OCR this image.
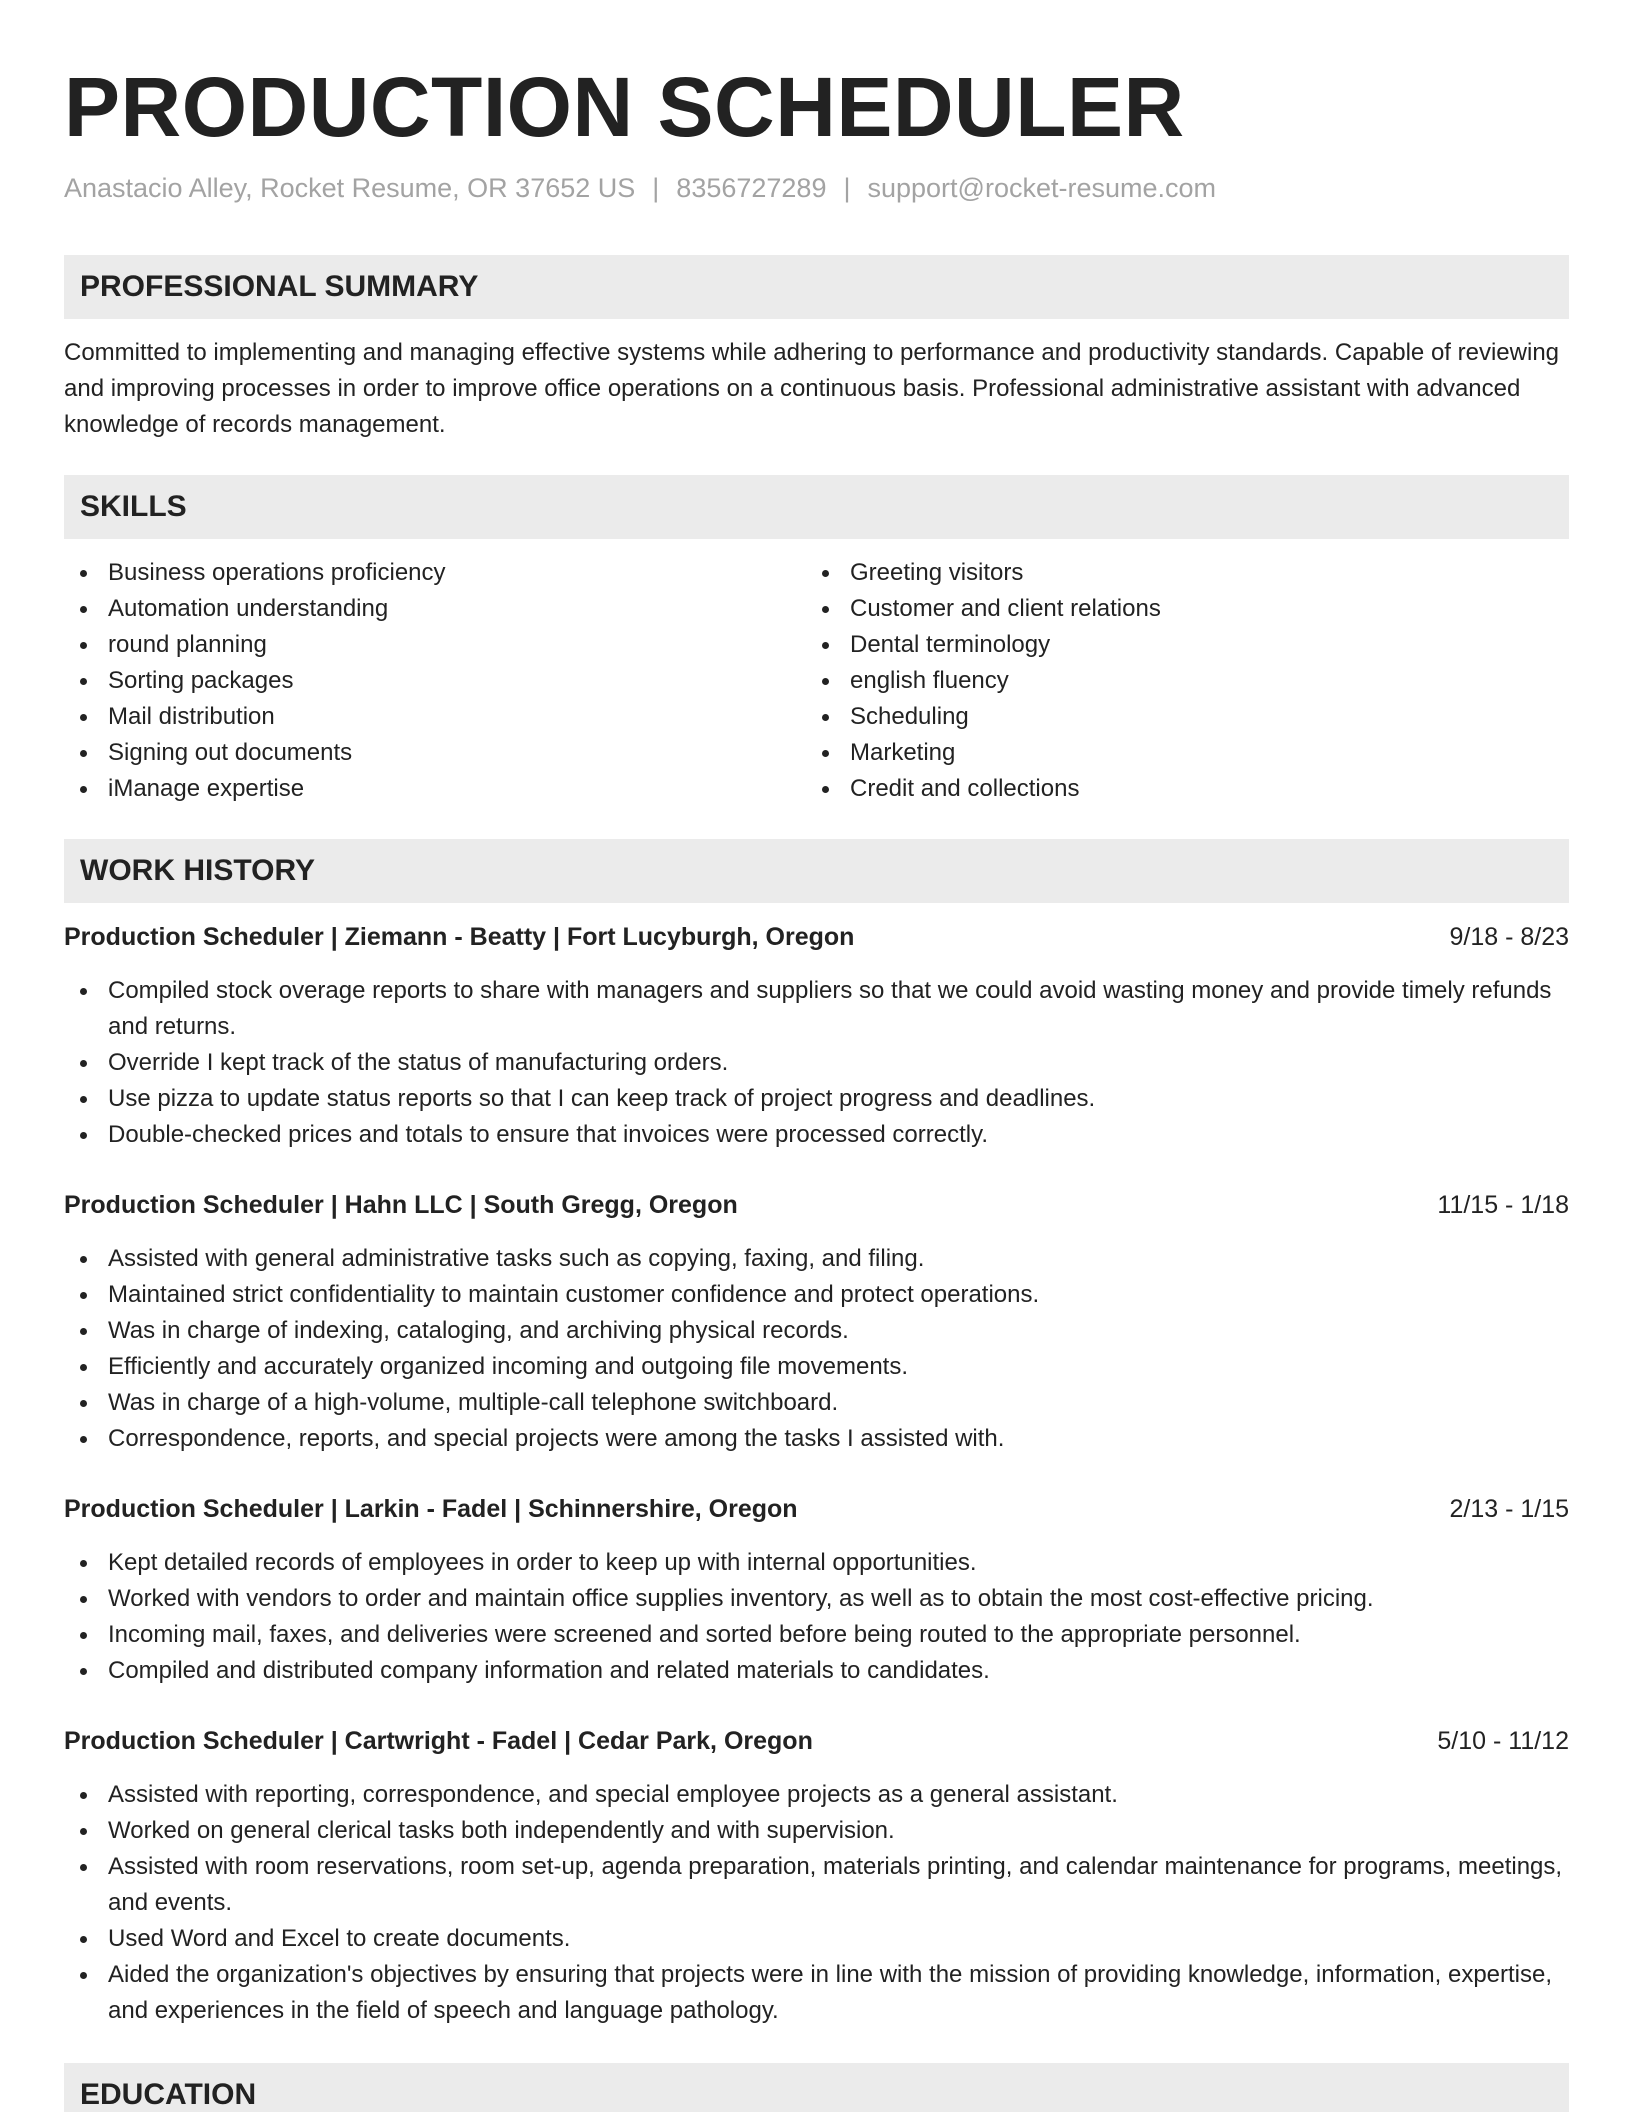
PRODUCTION SCHEDULER
Anastacio Alley, Rocket Resume, OR 37652 US | 8356727289 | support@rocket-resume.com
PROFESSIONAL SUMMARY

Committed to implementing and managing effective systems while adhering to performance and productivity standards. Capable of reviewing and improving processes in order to improve office operations on a continuous basis. Professional administrative assistant with advanced knowledge of records management.

SKILLS
Business operations proficiency
Automation understanding
round planning
Sorting packages
Mail distribution
Signing out documents
iManage expertise
Greeting visitors
Customer and client relations
Dental terminology
english fluency
Scheduling
Marketing
Credit and collections
WORK HISTORY
Production Scheduler | Ziemann - Beatty | Fort Lucyburgh, Oregon	9/18 - 8/23
Compiled stock overage reports to share with managers and suppliers so that we could avoid wasting money and provide timely refunds and returns.
Override I kept track of the status of manufacturing orders.
Use pizza to update status reports so that I can keep track of project progress and deadlines.
Double-checked prices and totals to ensure that invoices were processed correctly.
Production Scheduler | Hahn LLC | South Gregg, Oregon	11/15 - 1/18
Assisted with general administrative tasks such as copying, faxing, and filing.
Maintained strict confidentiality to maintain customer confidence and protect operations.
Was in charge of indexing, cataloging, and archiving physical records.
Efficiently and accurately organized incoming and outgoing file movements.
Was in charge of a high-volume, multiple-call telephone switchboard.
Correspondence, reports, and special projects were among the tasks I assisted with.
Production Scheduler | Larkin - Fadel | Schinnershire, Oregon	2/13 - 1/15
Kept detailed records of employees in order to keep up with internal opportunities.
Worked with vendors to order and maintain office supplies inventory, as well as to obtain the most cost-effective pricing.
Incoming mail, faxes, and deliveries were screened and sorted before being routed to the appropriate personnel.
Compiled and distributed company information and related materials to candidates.
Production Scheduler | Cartwright - Fadel | Cedar Park, Oregon	5/10 - 11/12
Assisted with reporting, correspondence, and special employee projects as a general assistant.
Worked on general clerical tasks both independently and with supervision.
Assisted with room reservations, room set-up, agenda preparation, materials printing, and calendar maintenance for programs, meetings, and events.
Used Word and Excel to create documents.
Aided the organization's objectives by ensuring that projects were in line with the mission of providing knowledge, information, expertise, and experiences in the field of speech and language pathology.
EDUCATION
